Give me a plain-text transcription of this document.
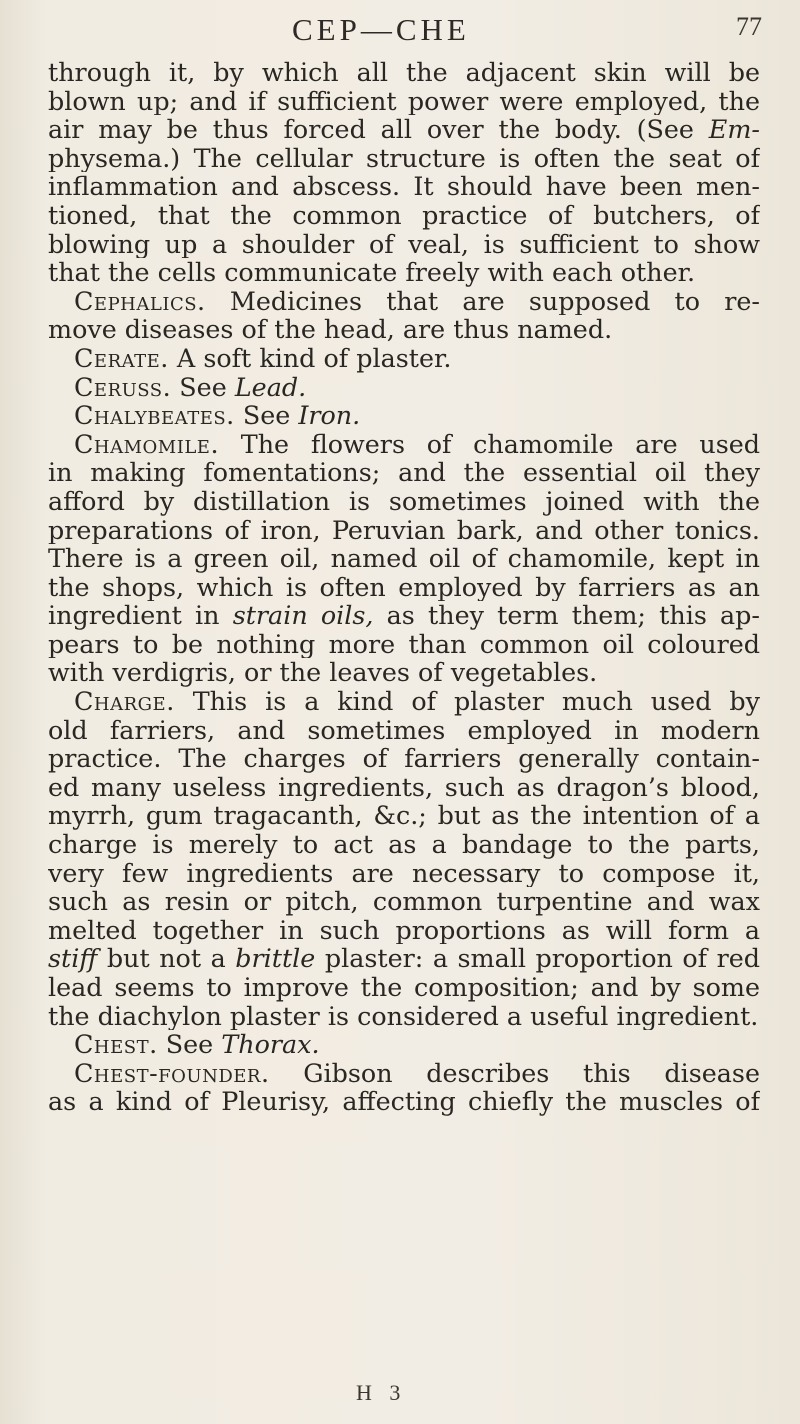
CEP—CHE	77
through it, by which all the adjacent skin will be
blown up; and if sufficient power were employed, the
air may be thus forced all over the body. (See Em-
physema.) The cellular structure is often the seat of
inflammation and abscess. It should have been men-
tioned, that the common practice of butchers, of
blowing up a shoulder of veal, is sufficient to show
that the cells communicate freely with each other.
Cephalics. Medicines that are supposed to re-
move diseases of the head, are thus named.
Cerate. A soft kind of plaster.
Ceruss. See Lead.
Chalybeates. See Iron.
Chamomile. The flowers of chamomile are used
in making fomentations; and the essential oil they
afford by distillation is sometimes joined with the
preparations of iron, Peruvian bark, and other tonics.
There is a green oil, named oil of chamomile, kept in
the shops, which is often employed by farriers as an
ingredient in strain oils, as they term them; this ap-
pears to be nothing more than common oil coloured
with verdigris, or the leaves of vegetables.
Charge. This is a kind of plaster much used by
old farriers, and sometimes employed in modern
practice. The charges of farriers generally contain-
ed many useless ingredients, such as dragon’s blood,
myrrh, gum tragacanth, &c.; but as the intention of a
charge is merely to act as a bandage to the parts,
very few ingredients are necessary to compose it,
such as resin or pitch, common turpentine and wax
melted together in such proportions as will form a
stiff but not a brittle plaster: a small proportion of red
lead seems to improve the composition; and by some
the diachylon plaster is considered a useful ingredient.
Chest. See Thorax.
Chest-founder. Gibson describes this disease
as a kind of Pleurisy, affecting chiefly the muscles of
H 3
